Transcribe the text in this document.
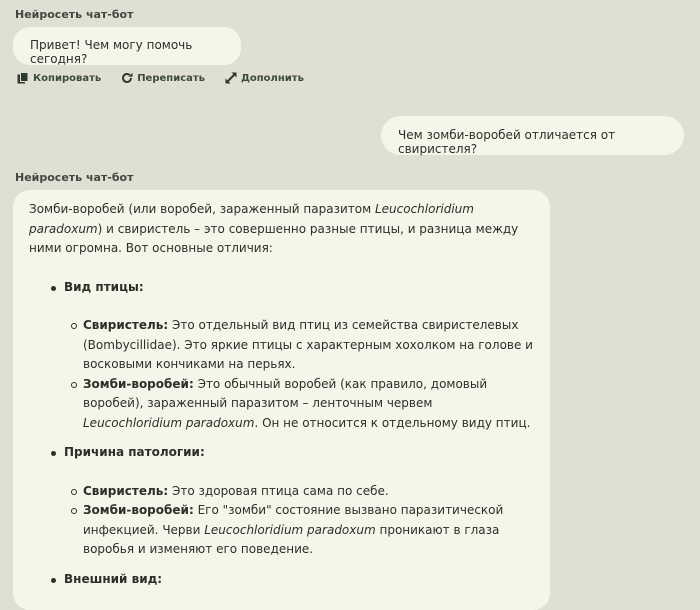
Нейросеть чат-бот
Привет! Чем могу помочь сегодня?
Копировать	Переписать	Дополнить
Чем зомби-воробей отличается от свиристеля?
Нейросеть чат-бот

Зомби-воробей (или воробей, зараженный паразитом Leucochloridium paradoxum) и свиристель – это совершенно разные птицы, и разница между ними огромна. Вот основные отличия:

Вид птицы:
Свиристель: Это отдельный вид птиц из семейства свиристелевых (Bombycillidae). Это яркие птицы с характерным хохолком на голове и восковыми кончиками на перьях.
Зомби-воробей: Это обычный воробей (как правило, домовый воробей), зараженный паразитом – ленточным червем Leucochloridium paradoxum. Он не относится к отдельному виду птиц.
Причина патологии:
Свиристель: Это здоровая птица сама по себе.
Зомби-воробей: Его "зомби" состояние вызвано паразитической инфекцией. Черви Leucochloridium paradoxum проникают в глаза воробья и изменяют его поведение.
Внешний вид:
